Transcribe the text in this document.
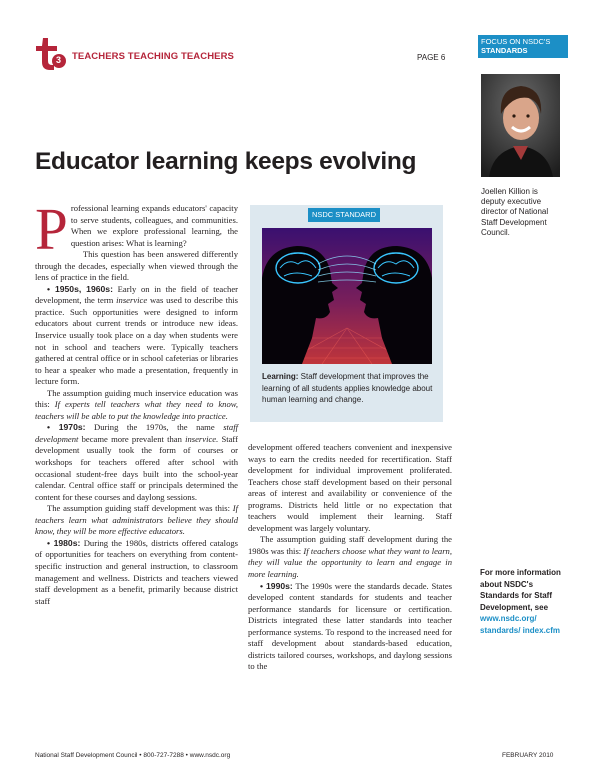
3 TEACHERS TEACHING TEACHERS	PAGE 6
FOCUS ON NSDC'S
STANDARDS
Joellen Killion is deputy executive director of National Staff Development Council.
For more information about NSDC's Standards for Staff Development, see www.nsdc.org/ standards/ index.cfm
Educator learning keeps evolving
P rofessional learning expands educators' capacity to serve students, colleagues, and communities. When we explore professional learning, the question arises: What is learning?

This question has been answered differently through the decades, especially when viewed through the lens of practice in the field.

• 1950s, 1960s: Early on in the field of teacher development, the term inservice was used to describe this practice. Such opportunities were designed to inform educators about current trends or introduce new ideas. Inservice usually took place on a day when students were not in school and teachers were. Typically teachers gathered at central office or in school cafeterias or libraries to hear a speaker who made a presentation, frequently in lecture form.

The assumption guiding much inservice education was this: If experts tell teachers what they need to know, teachers will be able to put the knowledge into practice.

• 1970s: During the 1970s, the name staff development became more prevalent than inservice. Staff development usually took the form of courses or workshops for teachers offered after school with occasional student-free days built into the school-year calendar. Central office staff or principals determined the content for these courses and daylong sessions.

The assumption guiding staff development was this: If teachers learn what administrators believe they should know, they will be more effective educators.

• 1980s: During the 1980s, districts offered catalogs of opportunities for teachers on everything from content-specific instruction and general instruction, to classroom management and wellness. Districts and teachers viewed staff development as a benefit, primarily because district staff

NSDC STANDARD
Learning: Staff development that improves the learning of all students applies knowledge about human learning and change.

development offered teachers convenient and inexpensive ways to earn the credits needed for recertification. Staff development for individual improvement proliferated. Teachers chose staff development based on their personal areas of interest and availability or convenience of the programs. Districts held little or no expectation that teachers would implement their learning. Staff development was largely voluntary.

The assumption guiding staff development during the 1980s was this: If teachers choose what they want to learn, they will value the opportunity to learn and engage in more learning.

• 1990s: The 1990s were the standards decade. States developed content standards for students and teacher performance standards for licensure or certification. Districts integrated these latter standards into teacher performance systems. To respond to the increased need for staff development about standards-based education, districts tailored courses, workshops, and daylong sessions to the

National Staff Development Council • 800-727-7288 • www.nsdc.org	FEBRUARY 2010
